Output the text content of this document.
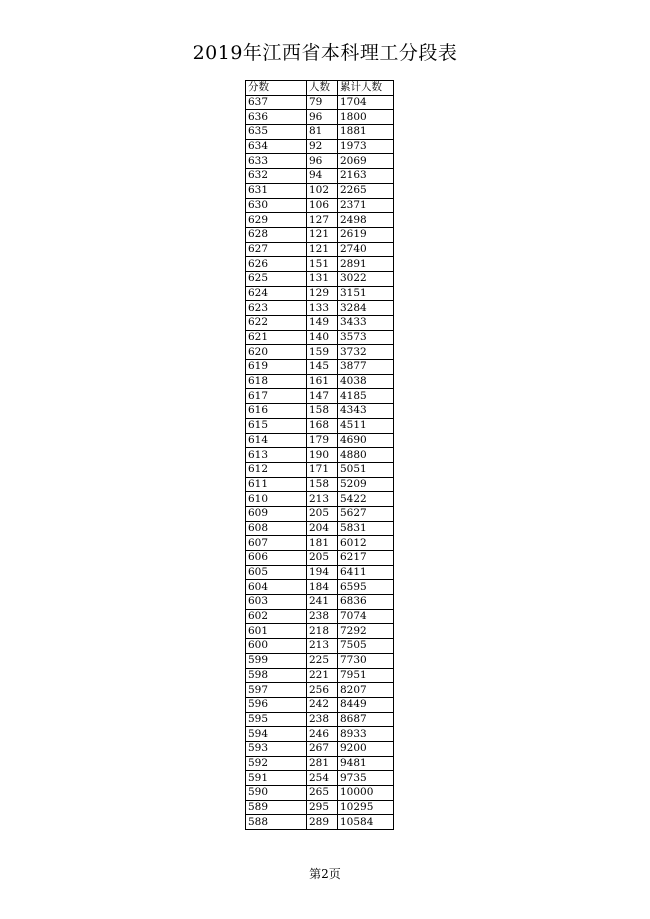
2019年江西省本科理工分段表
分数	人数	累计人数
637	79	1704
636	96	1800
635	81	1881
634	92	1973
633	96	2069
632	94	2163
631	102	2265
630	106	2371
629	127	2498
628	121	2619
627	121	2740
626	151	2891
625	131	3022
624	129	3151
623	133	3284
622	149	3433
621	140	3573
620	159	3732
619	145	3877
618	161	4038
617	147	4185
616	158	4343
615	168	4511
614	179	4690
613	190	4880
612	171	5051
611	158	5209
610	213	5422
609	205	5627
608	204	5831
607	181	6012
606	205	6217
605	194	6411
604	184	6595
603	241	6836
602	238	7074
601	218	7292
600	213	7505
599	225	7730
598	221	7951
597	256	8207
596	242	8449
595	238	8687
594	246	8933
593	267	9200
592	281	9481
591	254	9735
590	265	10000
589	295	10295
588	289	10584
第2页
